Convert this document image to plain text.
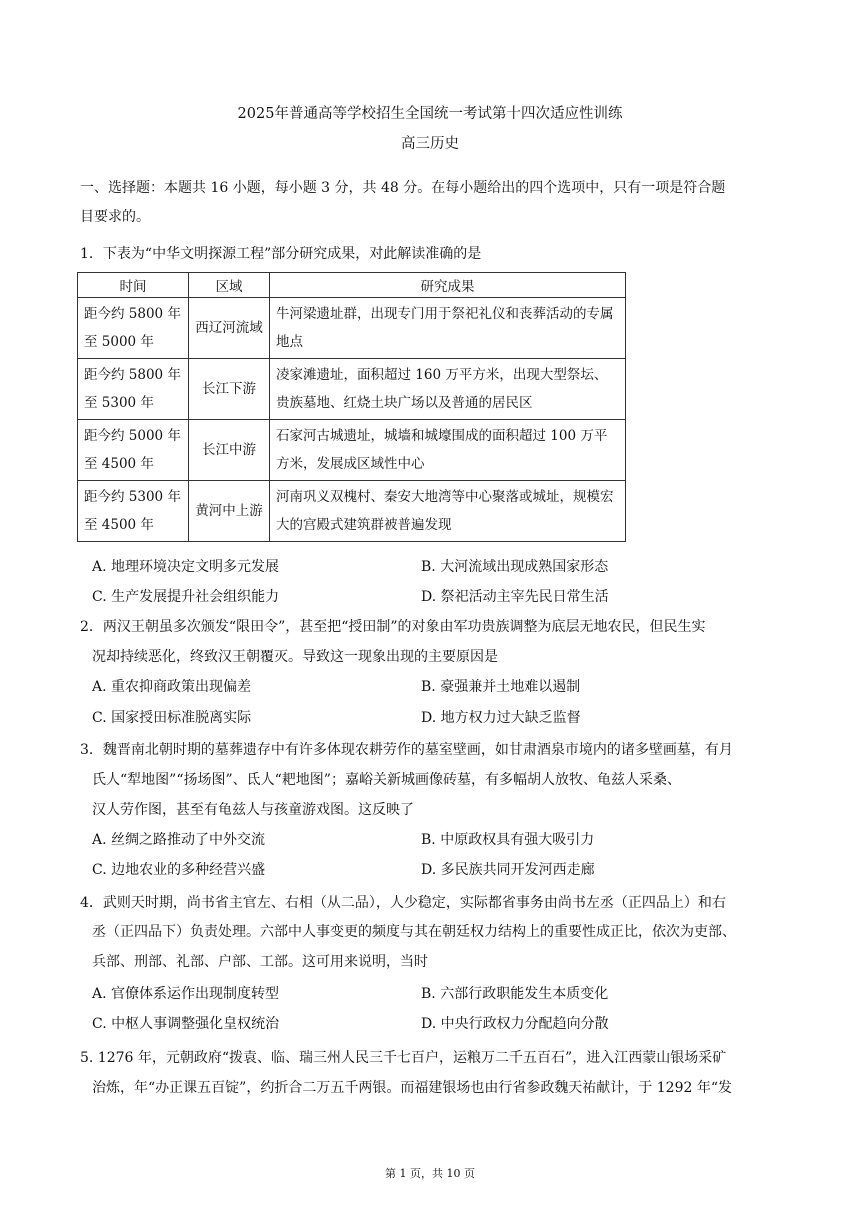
2025年普通高等学校招生全国统一考试第十四次适应性训练
高三历史
一、选择题：本题共 16 小题，每小题 3 分，共 48 分。在每小题给出的四个选项中，只有一项是符合题
目要求的。
1．下表为“中华文明探源工程”部分研究成果，对此解读准确的是
时间	区域	研究成果
距今约 5800 年至 5000 年	西辽河流域	牛河梁遗址群，出现专门用于祭祀礼仪和丧葬活动的专属地点
距今约 5800 年至 5300 年	长江下游	凌家滩遗址，面积超过 160 万平方米，出现大型祭坛、贵族墓地、红烧土块广场以及普通的居民区
距今约 5000 年至 4500 年	长江中游	石家河古城遗址，城墙和城壕围成的面积超过 100 万平方米，发展成区域性中心
距今约 5300 年至 4500 年	黄河中上游	河南巩义双槐村、秦安大地湾等中心聚落或城址，规模宏大的宫殿式建筑群被普遍发现
A. 地理环境决定文明多元发展	B. 大河流域出现成熟国家形态
C. 生产发展提升社会组织能力	D. 祭祀活动主宰先民日常生活
2．两汉王朝虽多次颁发“限田令”，甚至把“授田制”的对象由军功贵族调整为底层无地农民，但民生实
况却持续恶化，终致汉王朝覆灭。导致这一现象出现的主要原因是
A. 重农抑商政策出现偏差	B. 豪强兼并土地难以遏制
C. 国家授田标准脱离实际	D. 地方权力过大缺乏监督
3．魏晋南北朝时期的墓葬遗存中有许多体现农耕劳作的墓室壁画，如甘肃酒泉市境内的诸多壁画墓，有月
氏人“犁地图”“扬场图”、氐人“耙地图”；嘉峪关新城画像砖墓，有多幅胡人放牧、龟兹人采桑、
汉人劳作图，甚至有龟兹人与孩童游戏图。这反映了
A. 丝绸之路推动了中外交流	B. 中原政权具有强大吸引力
C. 边地农业的多种经营兴盛	D. 多民族共同开发河西走廊
4．武则天时期，尚书省主官左、右相（从二品），人少稳定，实际都省事务由尚书左丞（正四品上）和右
丞（正四品下）负责处理。六部中人事变更的频度与其在朝廷权力结构上的重要性成正比，依次为吏部、
兵部、刑部、礼部、户部、工部。这可用来说明，当时
A. 官僚体系运作出现制度转型	B. 六部行政职能发生本质变化
C. 中枢人事调整强化皇权统治	D. 中央行政权力分配趋向分散
5. 1276 年，元朝政府“拨袁、临、瑞三州人民三千七百户，运粮万二千五百石”，进入江西蒙山银场采矿
治炼，年“办正课五百锭”，约折合二万五千两银。而福建银场也由行省参政魏天祐献计，于 1292 年“发
第 1 页，共 10 页
